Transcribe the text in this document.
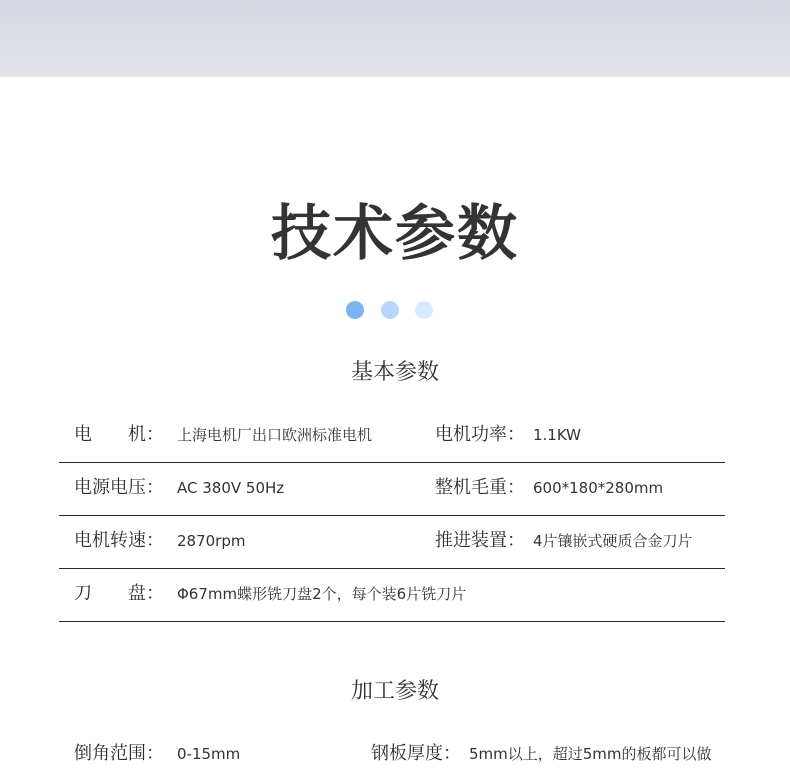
技术参数
基本参数
电　　机： 上海电机厂出口欧洲标准电机	电机功率： 1.1KW
电源电压： AC 380V 50Hz	整机毛重： 600*180*280mm
电机转速： 2870rpm	推进装置： 4片镶嵌式硬质合金刀片
刀　　盘： Φ67mm蝶形铣刀盘2个，每个装6片铣刀片
加工参数
倒角范围： 0-15mm	钢板厚度： 5mm以上，超过5mm的板都可以做
